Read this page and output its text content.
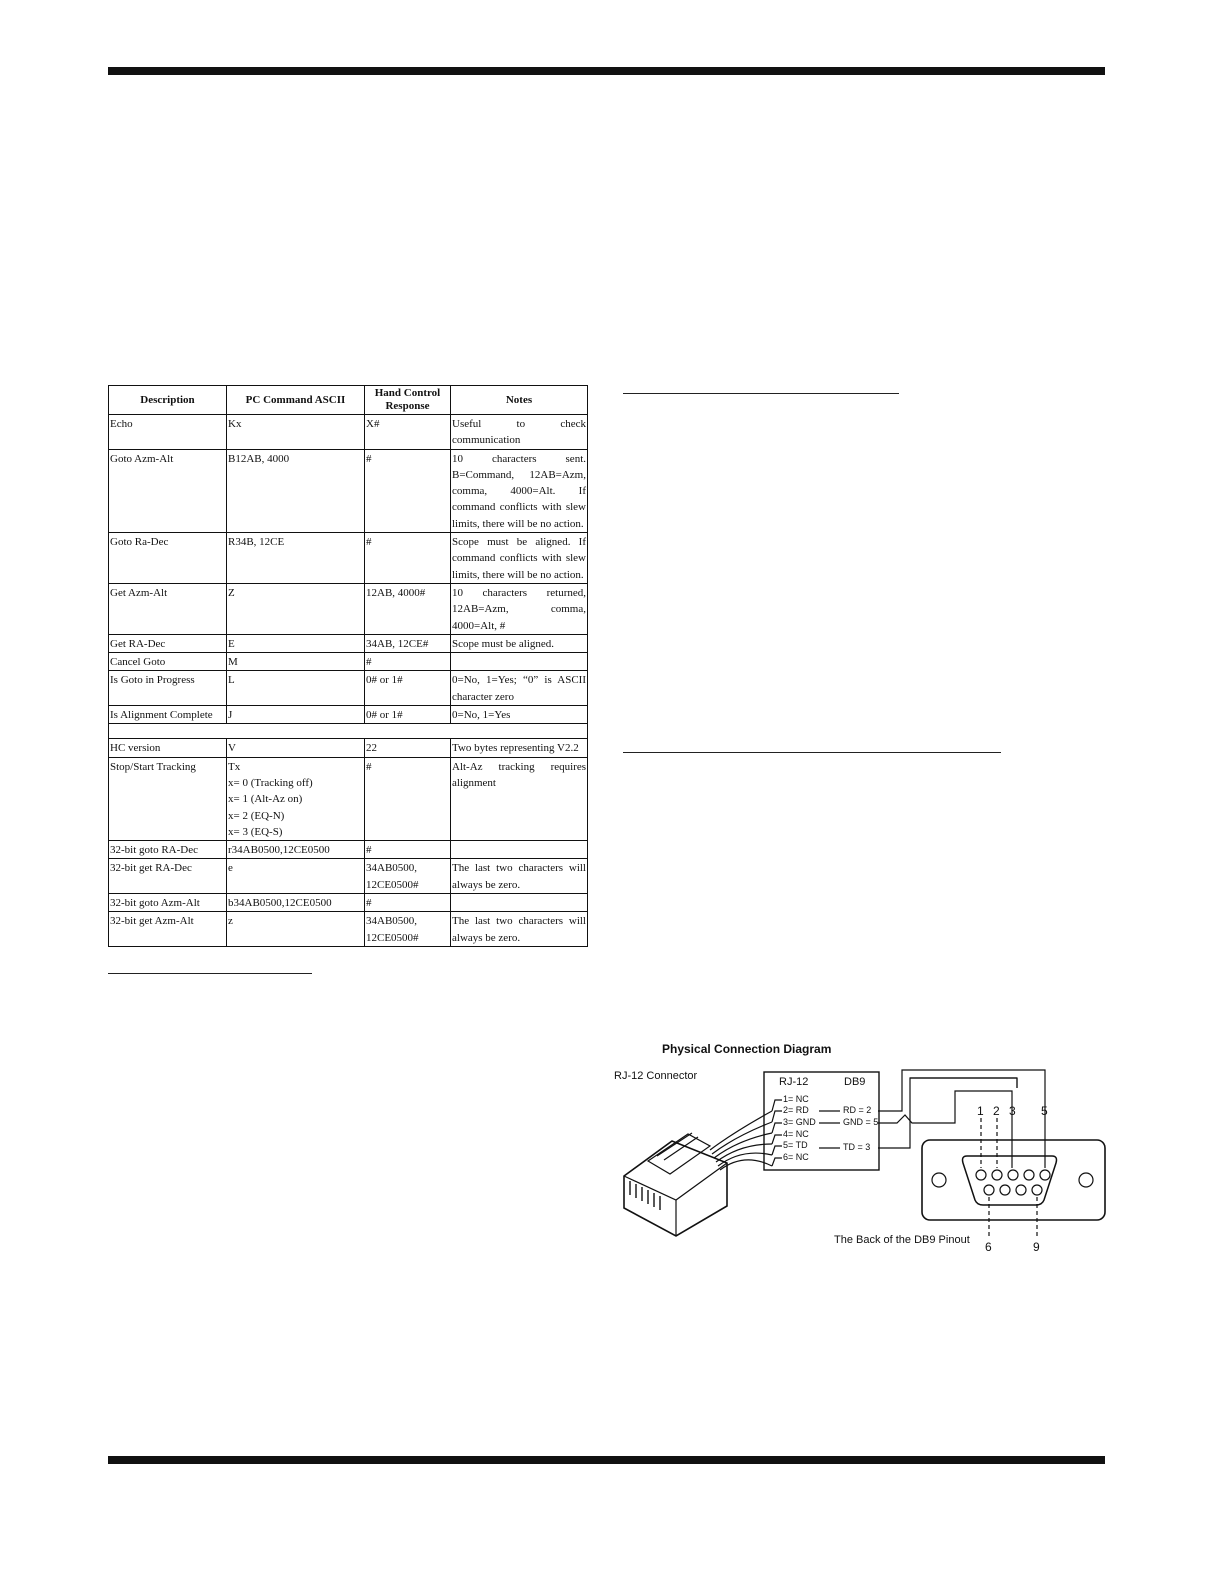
Description	PC Command ASCII	Hand Control Response	Notes
Echo	Kx	X#	Useful to check communication
Goto Azm-Alt	B12AB, 4000	#	10 characters sent. B=Command, 12AB=Azm, comma, 4000=Alt. If command conflicts with slew limits, there will be no action.
Goto Ra-Dec	R34B, 12CE	#	Scope must be aligned. If command conflicts with slew limits, there will be no action.
Get Azm-Alt	Z	12AB, 4000#	10 characters returned, 12AB=Azm, comma, 4000=Alt, #
Get RA-Dec	E	34AB, 12CE#	Scope must be aligned.
Cancel Goto	M	#	

Is Goto in Progress	L	0# or 1#	0=No, 1=Yes; “0” is ASCII character zero
Is Alignment Complete	J	0# or 1#	0=No, 1=Yes

HC version	V	22	Two bytes representing V2.2
Stop/Start Tracking	Tx
x= 0 (Tracking off)
x= 1 (Alt-Az on)
x= 2 (EQ-N)
x= 3 (EQ-S)	#	Alt-Az tracking requires alignment
32-bit goto RA-Dec	r34AB0500,12CE0500	#	

32-bit get RA-Dec	e	34AB0500,
12CE0500#	The last two characters will always be zero.
32-bit goto Azm-Alt	b34AB0500,12CE0500	#	

32-bit get Azm-Alt	z	34AB0500,
12CE0500#	The last two characters will always be zero.
Physical Connection Diagram
RJ-12 Connector	RJ-12	DB9
1= NC
2= RD
3= GND
4= NC
5= TD
6= NC
RD = 2
GND = 5
TD = 3
1 2 3 5
6	9
The Back of the DB9 Pinout
